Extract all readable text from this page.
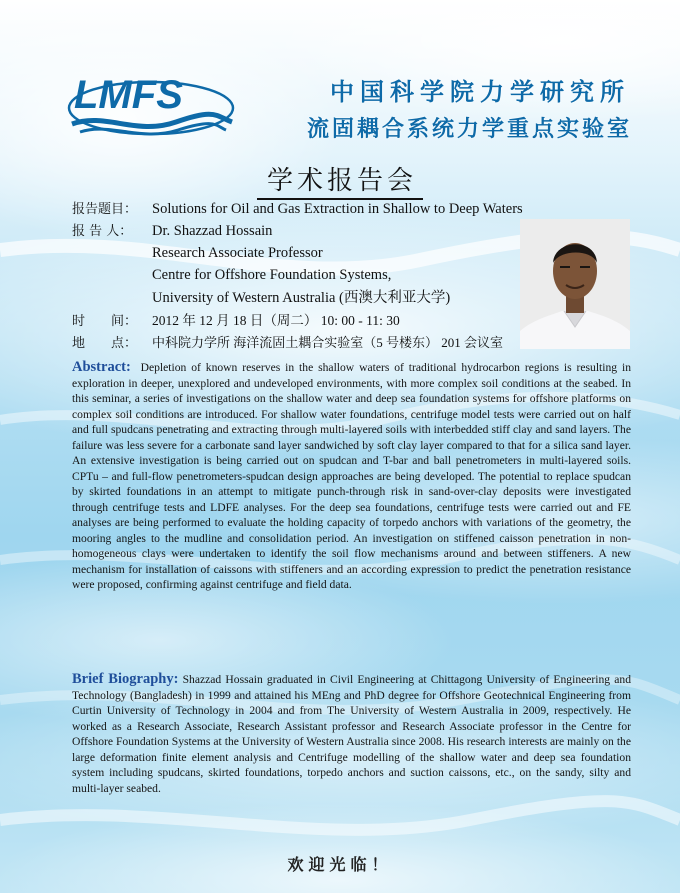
LMFS	中国科学院力学研究所
流固耦合系统力学重点实验室
学术报告会
报告题目： Solutions for Oil and Gas Extraction in Shallow to Deep Waters
报 告 人： Dr. Shazzad Hossain
Research Associate Professor
Centre for Offshore Foundation Systems,
University of Western Australia (西澳大利亚大学)
时　　间： 2012 年 12 月 18 日（周二） 10: 00 - 11: 30
地　　点： 中科院力学所 海洋流固土耦合实验室（5 号楼东） 201 会议室

Abstract: Depletion of known reserves in the shallow waters of traditional hydrocarbon regions is resulting in exploration in deeper, unexplored and undeveloped environments, with more complex soil conditions at the seabed. In this seminar, a series of investigations on the shallow water and deep sea foundation systems for offshore platforms on complex soil conditions are introduced. For shallow water foundations, centrifuge model tests were carried out on half and full spudcans penetrating and extracting through multi-layered soils with interbedded stiff clay and sand layers. The failure was less severe for a carbonate sand layer sandwiched by soft clay layer compared to that for a silica sand layer. An extensive investigation is being carried out on spudcan and T-bar and ball penetrometers in multi-layered soils. CPTu – and full-flow penetrometers-spudcan design approaches are being developed. The potential to replace spudcan by skirted foundations in an attempt to mitigate punch-through risk in sand-over-clay deposits were investigated through centrifuge tests and LDFE analyses. For the deep sea foundations, centrifuge tests were carried out and FE analyses are being performed to evaluate the holding capacity of torpedo anchors with variations of the geometry, the mooring angles to the mudline and consolidation period. An investigation on stiffened caisson penetration in non-homogeneous clays were undertaken to identify the soil flow mechanisms around and between stiffeners. A new mechanism for installation of caissons with stiffeners and an according expression to predict the penetration resistance were proposed, confirming against centrifuge and field data.

Brief Biography: Shazzad Hossain graduated in Civil Engineering at Chittagong University of Engineering and Technology (Bangladesh) in 1999 and attained his MEng and PhD degree for Offshore Geotechnical Engineering from Curtin University of Technology in 2004 and from The University of Western Australia in 2009, respectively. He worked as a Research Associate, Research Assistant professor and Research Associate professor in the Centre for Offshore Foundation Systems at the University of Western Australia since 2008. His research interests are mainly on the large deformation finite element analysis and Centrifuge modelling of the shallow water and deep sea foundation system including spudcans, skirted foundations, torpedo anchors and suction caissons, etc., on the sandy, silty and multi-layer seabed.

欢迎光临！
